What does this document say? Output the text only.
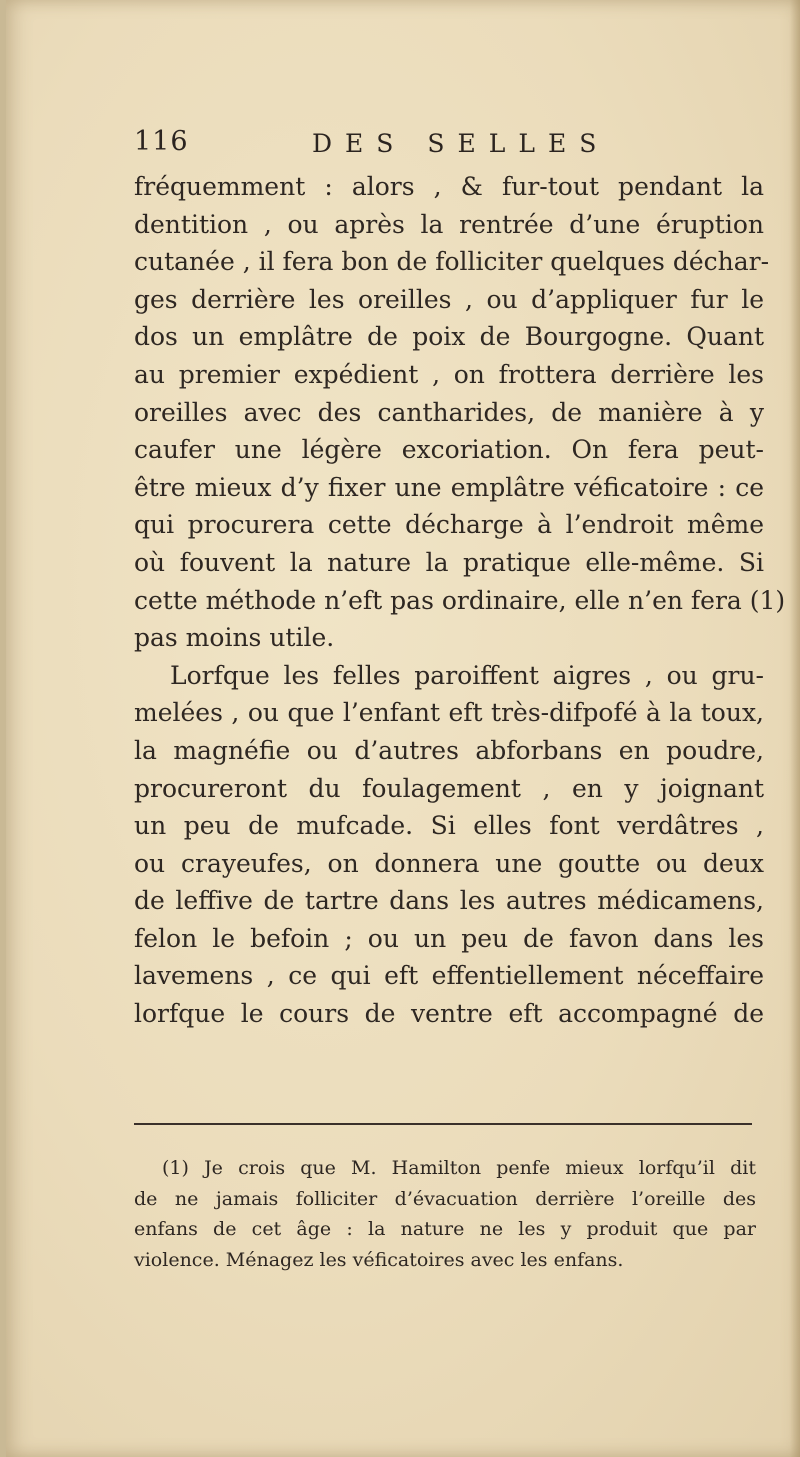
116	DES SELLES
fréquemment : alors , & fur-tout pendant la
dentition , ou après la rentrée d’une éruption
cutanée , il fera bon de folliciter quelques déchar-
ges derrière les oreilles , ou d’appliquer fur le
dos un emplâtre de poix de Bourgogne. Quant
au premier expédient , on frottera derrière les
oreilles avec des cantharides, de manière à y
caufer une légère excoriation. On fera peut-
être mieux d’y fixer une emplâtre véficatoire : ce
qui procurera cette décharge à l’endroit même
où fouvent la nature la pratique elle-même. Si
cette méthode n’eft pas ordinaire, elle n’en fera (1)
pas moins utile.
Lorfque les felles paroiffent aigres , ou gru-
melées , ou que l’enfant eft très-difpofé à la toux,
la magnéfie ou d’autres abforbans en poudre,
procureront du foulagement , en y joignant
un peu de mufcade. Si elles font verdâtres ,
ou crayeufes, on donnera une goutte ou deux
de leffive de tartre dans les autres médicamens,
felon le befoin ; ou un peu de favon dans les
lavemens , ce qui eft effentiellement néceffaire
lorfque le cours de ventre eft accompagné de
(1) Je crois que M. Hamilton penfe mieux lorfqu’il dit
de ne jamais folliciter d’évacuation derrière l’oreille des
enfans de cet âge : la nature ne les y produit que par
violence. Ménagez les véficatoires avec les enfans.
